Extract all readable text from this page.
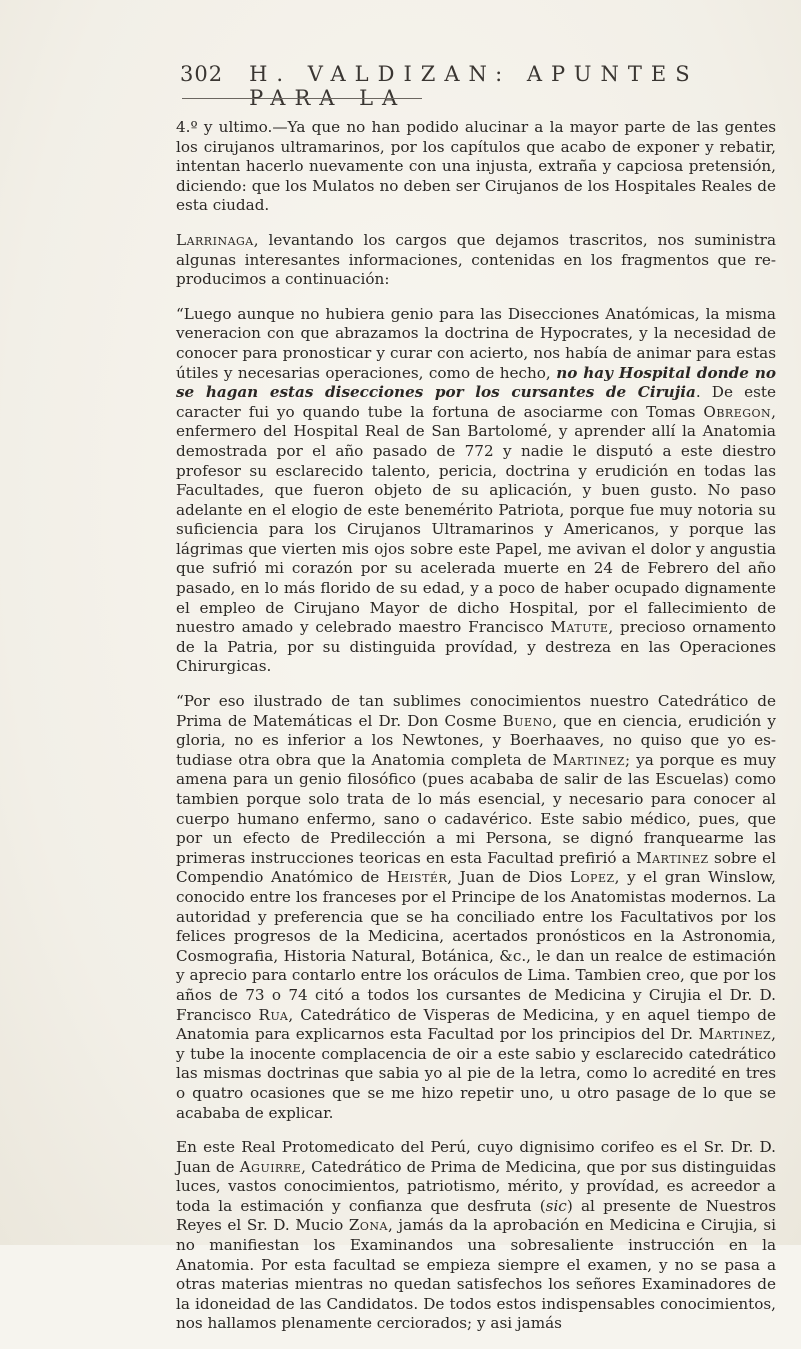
302 H. VALDIZAN: APUNTES PARA LA

4.º y ultimo.—Ya que no han podido alucinar a la mayor parte de las gentes los cirujanos ultramarinos, por los capítulos que acabo de exponer y rebatir, intentan hacerlo nuevamente con una injusta, extraña y capciosa pretensión, diciendo: que los Mulatos no deben ser Cirujanos de los Hospitales Reales de esta ciudad.

Larrinaga, levantando los cargos que dejamos trascritos, nos suministra algunas interesantes informaciones, contenidas en los fragmentos que reproducimos a continuación:

“Luego aunque no hubiera genio para las Disecciones Anatómicas, la misma veneracion con que abrazamos la doctrina de Hypocrates, y la necesidad de conocer para pronosticar y curar con acierto, nos había de animar para estas útiles y necesarias operaciones, como de hecho, no hay Hospital donde no se hagan estas disecciones por los cursantes de Cirujia. De este caracter fui yo quando tube la fortuna de asociarme con Tomas Obregon, enfermero del Hospital Real de San Bartolomé, y aprender allí la Anatomia demostrada por el año pasado de 772 y nadie le disputó a este diestro profesor su esclarecido talento, pericia, doctrina y erudición en todas las Facultades, que fueron objeto de su aplicación, y buen gusto. No paso adelante en el elogio de este benemérito Patriota, porque fue muy notoria su suficiencia para los Cirujanos Ultramarinos y Americanos, y porque las lágrimas que vierten mis ojos sobre este Papel, me avivan el dolor y angustia que sufrió mi corazón por su acelerada muerte en 24 de Febrero del año pasado, en lo más florido de su edad, y a poco de haber ocupado dignamente el empleo de Cirujano Mayor de dicho Hospital, por el fallecimiento de nuestro amado y celebrado maestro Francisco Matute, precioso ornamento de la Patria, por su distinguida provídad, y destreza en las Operaciones Chirurgicas.

“Por eso ilustrado de tan sublimes conocimientos nuestro Catedrático de Prima de Matemáticas el Dr. Don Cosme Bueno, que en ciencia, erudición y gloria, no es inferior a los Newtones, y Boerhaaves, no quiso que yo estudiase otra obra que la Anatomia completa de Martinez; ya porque es muy amena para un genio filosófico (pues acababa de salir de las Escuelas) como tambien porque solo trata de lo más esencial, y necesario para conocer al cuerpo humano enfermo, sano o cadavérico. Este sabio médico, pues, que por un efecto de Predilección a mi Persona, se dignó franquearme las primeras instrucciones teoricas en esta Facultad prefirió a Martinez sobre el Compendio Anatómico de Heistér, Juan de Dios Lopez, y el gran Winslow, conocido entre los franceses por el Principe de los Anatomistas modernos. La autoridad y preferencia que se ha conciliado entre los Facultativos por los felices progresos de la Medicina, acertados pronósticos en la Astronomia, Cosmografia, Historia Natural, Botánica, &c., le dan un realce de estimación y aprecio para contarlo entre los oráculos de Lima. Tambien creo, que por los años de 73 o 74 citó a todos los cursantes de Medicina y Cirujia el Dr. D. Francisco Rua, Catedrático de Visperas de Medicina, y en aquel tiempo de Anatomia para explicarnos esta Facultad por los principios del Dr. Martinez, y tube la inocente complacencia de oir a este sabio y esclarecido catedrático las mismas doctrinas que sabia yo al pie de la letra, como lo acredité en tres o quatro ocasiones que se me hizo repetir uno, u otro pasage de lo que se acababa de explicar.

En este Real Protomedicato del Perú, cuyo dignisimo corifeo es el Sr. Dr. D. Juan de Aguirre, Catedrático de Prima de Medicina, que por sus distinguidas luces, vastos conocimientos, patriotismo, mérito, y provídad, es acreedor a toda la estimación y confianza que desfruta (sic) al presente de Nuestros Reyes el Sr. D. Mucio Zona, jamás da la aprobación en Medicina e Cirujia, si no manifiestan los Examinandos una sobresaliente instrucción en la Anatomia. Por esta facultad se empieza siempre el examen, y no se pasa a otras materias mientras no quedan satisfechos los señores Examinadores de la idoneidad de las Candidatos. De todos estos indispensables conocimientos, nos hallamos plenamente cerciorados; y asi jamás
